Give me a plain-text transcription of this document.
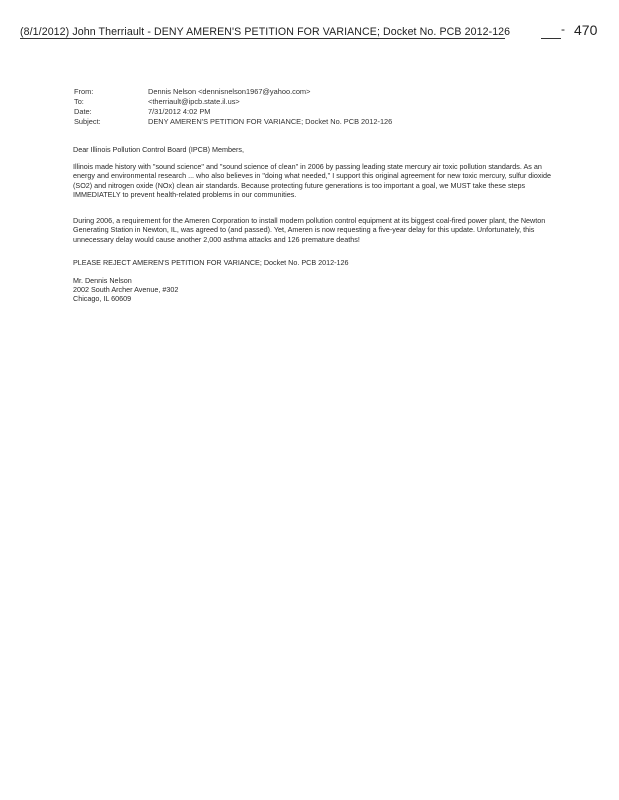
(8/1/2012) John Therriault - DENY AMEREN'S PETITION FOR VARIANCE; Docket No. PCB 2012-126	- 470
From:	Dennis Nelson <dennisnelson1967@yahoo.com>
To:	<therriault@ipcb.state.il.us>
Date:	7/31/2012 4:02 PM
Subject:	DENY AMEREN'S PETITION FOR VARIANCE; Docket No. PCB 2012-126

Dear Illinois Pollution Control Board (IPCB) Members,

Illinois made history with "sound science" and "sound science of clean" in 2006 by passing leading state mercury air toxic pollution standards. As an energy and environmental research ... who also believes in "doing what needed," I support this original agreement for new toxic mercury, sulfur dioxide (SO2) and nitrogen oxide (NOx) clean air standards. Because protecting future generations is too important a goal, we MUST take these steps IMMEDIATELY to prevent health-related problems in our communities.

During 2006, a requirement for the Ameren Corporation to install modern pollution control equipment at its biggest coal-fired power plant, the Newton Generating Station in Newton, IL, was agreed to (and passed). Yet, Ameren is now requesting a five-year delay for this update. Unfortunately, this unnecessary delay would cause another 2,000 asthma attacks and 126 premature deaths!

PLEASE REJECT AMEREN'S PETITION FOR VARIANCE; Docket No. PCB 2012-126

Mr. Dennis Nelson

2002 South Archer Avenue, #302

Chicago, IL 60609
